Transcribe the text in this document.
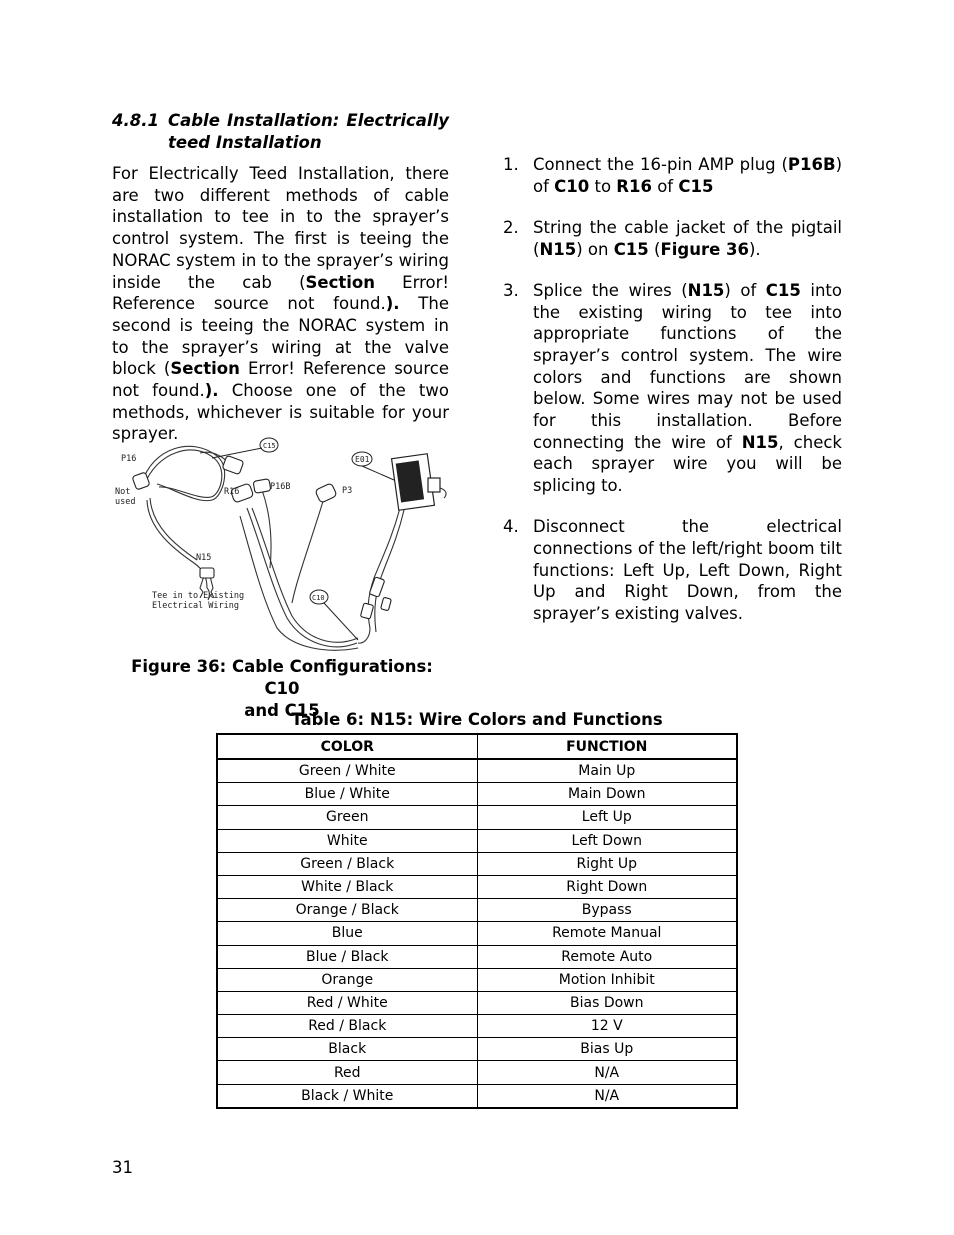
4.8.1 Cable Installation: Electrically
teed Installation

For Electrically Teed Installation, there are two different methods of cable installation to tee in to the sprayer’s control system. The first is teeing the NORAC system in to the sprayer’s wiring inside the cab (Section Error! Reference source not found.). The second is teeing the NORAC system in to the sprayer’s wiring at the valve block (Section Error! Reference source not found.). Choose one of the two methods, whichever is suitable for your sprayer.

C15
P16
Not
used
R16	P16B	P3
E01
N15
Tee in to Existing
Electrical Wiring
C10
Figure 36: Cable Configurations: C10
and C15
1. Connect the 16-pin AMP plug (P16B) of C10 to R16 of C15
2. String the cable jacket of the pigtail (N15) on C15 (Figure 36).
3. Splice the wires (N15) of C15 into the existing wiring to tee into appropriate functions of the sprayer’s control system. The wire colors and functions are shown below. Some wires may not be used for this installation. Before connecting the wire of N15, check each sprayer wire you will be splicing to.
4. Disconnect the electrical connections of the left/right boom tilt functions: Left Up, Left Down, Right Up and Right Down, from the sprayer’s existing valves.
Table 6: N15: Wire Colors and Functions
COLOR	FUNCTION
Green / White	Main Up
Blue / White	Main Down
Green	Left Up
White	Left Down
Green / Black	Right Up
White / Black	Right Down
Orange / Black	Bypass
Blue	Remote Manual
Blue / Black	Remote Auto
Orange	Motion Inhibit
Red / White	Bias Down
Red / Black	12 V
Black	Bias Up
Red	N/A
Black / White	N/A
31
